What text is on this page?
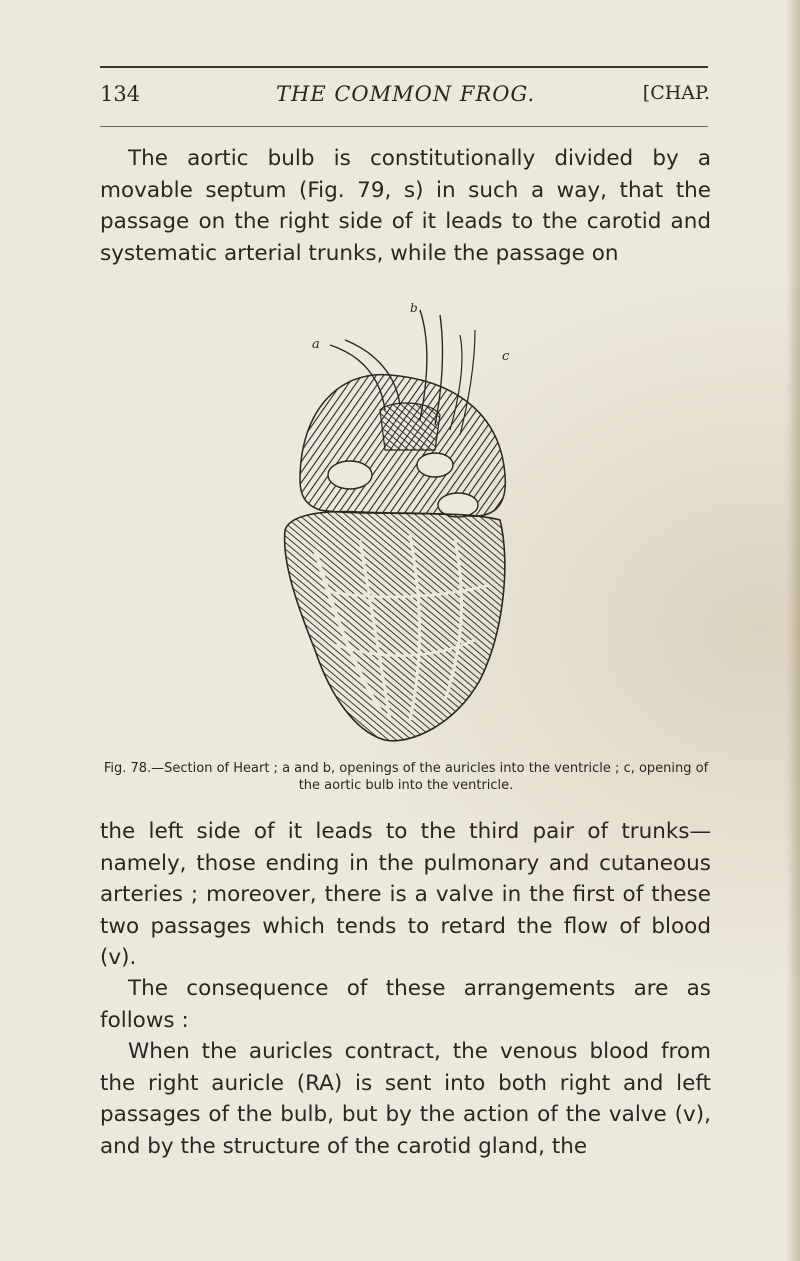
134	THE COMMON FROG.	[CHAP.

The aortic bulb is constitutionally divided by a movable septum (Fig. 79, s) in such a way, that the passage on the right side of it leads to the carotid and systematic arterial trunks, while the passage on

a
c
b

Fig. 78.—Section of Heart ; a and b, openings of the auricles into the ventricle ; c, opening of the aortic bulb into the ventricle.

the left side of it leads to the third pair of trunks—namely, those ending in the pulmonary and cutaneous arteries ; moreover, there is a valve in the first of these two passages which tends to retard the flow of blood (v).

The consequence of these arrangements are as follows :

When the auricles contract, the venous blood from the right auricle (RA) is sent into both right and left passages of the bulb, but by the action of the valve (v), and by the structure of the carotid gland, the
